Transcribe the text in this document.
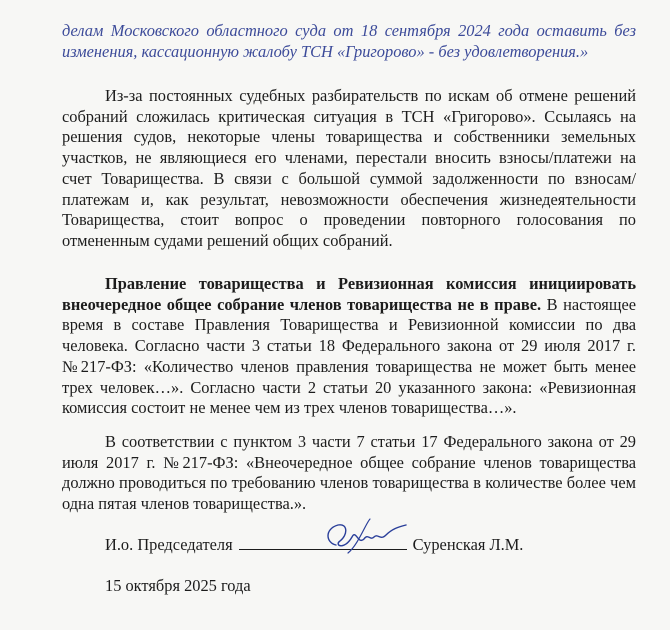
делам Московского областного суда от 18 сентября 2024 года оставить без изменения, кассационную жалобу ТСН «Григорово» - без удовлетворения.»

Из-за постоянных судебных разбирательств по искам об отмене решений собраний сложилась критическая ситуация в ТСН «Григорово». Ссылаясь на решения судов, некоторые члены товарищества и собственники земельных участков, не являющиеся его членами, перестали вносить взносы/платежи на счет Товарищества. В связи с большой суммой задолженности по взносам/платежам и, как результат, невозможности обеспечения жизнедеятельности Товарищества, стоит вопрос о проведении повторного голосования по отмененным судами решений общих собраний.

Правление товарищества и Ревизионная комиссия инициировать внеочередное общее собрание членов товарищества не в праве. В настоящее время в составе Правления Товарищества и Ревизионной комиссии по два человека. Согласно части 3 статьи 18 Федерального закона от 29 июля 2017 г. №217-ФЗ: «Количество членов правления товарищества не может быть менее трех человек…». Согласно части 2 статьи 20 указанного закона: «Ревизионная комиссия состоит не менее чем из трех членов товарищества…».

В соответствии с пунктом 3 части 7 статьи 17 Федерального закона от 29 июля 2017 г. №217-ФЗ: «Внеочередное общее собрание членов товарищества должно проводиться по требованию членов товарищества в количестве более чем одна пятая членов товарищества.».

И.о. Председателя	Суренская Л.М.
15 октября 2025 года
